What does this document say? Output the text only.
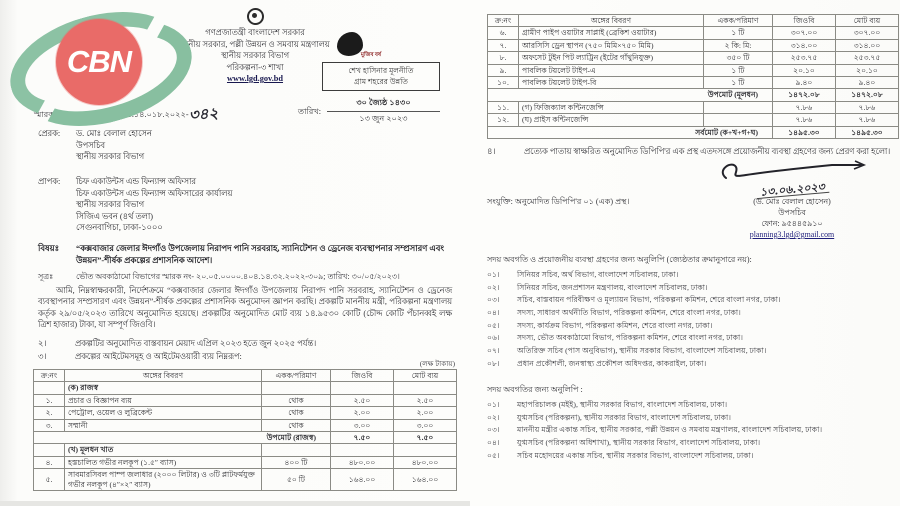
গণপ্রজাতন্ত্রী বাংলাদেশ সরকার
স্থানীয় সরকার, পল্লী উন্নয়ন ও সমবায় মন্ত্রণালয়
স্থানীয় সরকার বিভাগ
পরিকল্পনা-৩ শাখা
www.lgd.gov.bd
স্মারক নং-৪৬.০০.০০০০.০৯৫.১৪.০১৮.২০২২-৩৪২
মুজিব বর্ষ
শেখ হাসিনার মূলনীতি
গ্রাম শহরের উন্নতি
তারিখ:
৩০ জ্যৈষ্ঠ ১৪৩০
১৩ জুন ২০২৩
প্রেরক:	ড. মোঃ বেলাল হোসেন
উপসচিব
স্থানীয় সরকার বিভাগ
প্রাপক:	চিফ একাউন্টস এন্ড ফিন্যান্স অফিসার
চিফ একাউন্টস এন্ড ফিন্যান্স অফিসারের কার্যালয়
স্থানীয় সরকার বিভাগ
সিজিএ ভবন (৪র্থ তলা)
সেগুনবাগিচা, ঢাকা-১০০০
বিষয়ঃ	“কক্সবাজার জেলার ঈদগাঁও উপজেলায় নিরাপদ পানি সরবরাহ, স্যানিটেশন ও ড্রেনেজ ব্যবস্থাপনার সম্প্রসারণ এবং উন্নয়ন”-শীর্ষক প্রকল্পের প্রশাসনিক আদেশ।
সূত্রঃ	ভৌত অবকাঠামো বিভাগের স্মারক নং- ২০.০৫.০০০০.৪০৪.১৪.৩২.২০২২-৩০৯; তারিখ: ৩০/০৫/২০২৩।
আমি, নিম্নস্বাক্ষরকারী, নির্দেশক্রমে “কক্সবাজার জেলার ঈদগাঁও উপজেলায় নিরাপদ পানি সরবরাহ, স্যানিটেশন ও ড্রেনেজ ব্যবস্থাপনার সম্প্রসারণ এবং উন্নয়ন”-শীর্ষক প্রকল্পের প্রশাসনিক অনুমোদন জ্ঞাপন করছি। প্রকল্পটি মাননীয় মন্ত্রী, পরিকল্পনা মন্ত্রণালয় কর্তৃক ২৯/০৫/২০২৩ তারিখে অনুমোদিত হয়েছে। প্রকল্পটির অনুমোদিত মোট ব্যয় ১৪.৯৫৩০ কোটি (চৌদ্দ কোটি পঁচানব্বই লক্ষ ত্রিশ হাজার) টাকা, যা সম্পূর্ণ জিওবি।
২।	প্রকল্পটির অনুমোদিত বাস্তবায়ন মেয়াদ এপ্রিল ২০২৩ হতে জুন ২০২৫ পর্যন্ত।
৩।	প্রকল্পের আইটেমসমূহ ও আইটেমওয়ারী ব্যয় নিম্নরূপ:
(লক্ষ টাকায়)
ক্র:নং	অঙ্গের বিবরণ	একক/পরিমাণ	জিওবি	মোট ব্যয়
	(ক) রাজস্ব			
১.	প্রচার ও বিজ্ঞাপন ব্যয়	থোক	২.৫০	২.৫০
২.	পেট্রোল, ওয়েল ও লুব্রিকেন্ট	থোক	২.০০	২.০০
৩.	সম্মানী	থোক	৩.০০	৩.০০
উপমোট (রাজস্ব)			৭.৫০	৭.৫০
	(খ) মূলধন খাত			
৪.	হস্তচালিত গভীর নলকূপ (১.৫″ ব্যাস)	৪০০ টি	৪৮০.০০	৪৮০.০০
৫.	সাবমারসিবল পাম্প জলাধার (২০০০ লিটার) ও ৩টি প্লাটফর্মযুক্ত গভীর নলকূপ (৪″×২″ ব্যাস)	৫০ টি	১৬৪.০০	১৬৪.০০
ক্র:নং	অঙ্গের বিবরণ	একক/পরিমাণ	জিওবি	মোট ব্যয়
৬.	গ্রামীণ পাইপ ওয়াটার সাপ্লাই (ব্রেকিশ ওয়াটার)	১ টি	৩০৭.০০	৩০৭.০০
৭.	আরসিসি ড্রেন স্থাপন (৭৫০ মিমি×৭৫০ মিমি)	২ কি: মি:	৩১৪.০০	৩১৪.০০
৮.	অফসেট টুইন পিট ল্যাট্রিন (ইটের গাঁথুনিযুক্ত)	৩৫০ টি	২৫৩.৭৫	২৫৩.৭৫
৯.	পাবলিক টয়লেট টাইপ-এ	১ টি	২০.১০	২০.১০
১০.	পাবলিক টয়লেট টাইপ-বি	১ টি	৯.৪০	৯.৪০
উপমোট (মূলধন)			১৪৭২.০৮	১৪৭২.০৮
১১.	(গ) ফিজিক্যাল কন্টিনজেন্সি		৭.৮৬	৭.৮৬
১২.	(ঘ) প্রাইস কন্টিনজেন্সি		৭.৮৬	৭.৮৬
সর্বমোট (ক+খ+গ+ঘ)			১৪৯৫.৩০	১৪৯৫.৩০
৪।	প্রত্যেক পাতায় স্বাক্ষরিত অনুমোদিত ডিপিপি'র এক প্রস্থ এতদসঙ্গে প্রয়োজনীয় ব্যবস্থা গ্রহণের জন্য প্রেরণ করা হলো।
সংযুক্তি: অনুমোদিত ডিপিপি'র ০১ (এক) প্রস্থ।
১৩.০৬.২০২৩
(ড. মোঃ বেলাল হোসেন)
উপসচিব
ফোন: ৯৫৪৪৫৯১০
planning3.lgd@gmail.com
সদয় অবগতি ও প্রয়োজনীয় ব্যবস্থা গ্রহণের জন্য অনুলিপি (জ্যেষ্ঠতার ক্রমানুসারে নয়):
০১।	সিনিয়র সচিব, অর্থ বিভাগ, বাংলাদেশ সচিবালয়, ঢাকা।
০২।	সিনিয়র সচিব, জনপ্রশাসন মন্ত্রণালয়, বাংলাদেশ সচিবালয়, ঢাকা।
০৩।	সচিব, বাস্তবায়ন পরিবীক্ষণ ও মূল্যায়ন বিভাগ, পরিকল্পনা কমিশন, শেরে বাংলা নগর, ঢাকা।
০৪।	সদস্য, সাধারণ অর্থনীতি বিভাগ, পরিকল্পনা কমিশন, শেরে বাংলা নগর, ঢাকা।
০৫।	সদস্য, কার্যক্রম বিভাগ, পরিকল্পনা কমিশন, শেরে বাংলা নগর, ঢাকা।
০৬।	সদস্য, ভৌত অবকাঠামো বিভাগ, পরিকল্পনা কমিশন, শেরে বাংলা নগর, ঢাকা।
০৭।	অতিরিক্ত সচিব (পাস অনুবিভাগ), স্থানীয় সরকার বিভাগ, বাংলাদেশ সচিবালয়, ঢাকা।
০৮।	প্রধান প্রকৌশলী, জনস্বাস্থ্য প্রকৌশল অধিদপ্তর, কাকরাইল, ঢাকা।
সদয় অবগতির জন্য অনুলিপি :
০১।	মহাপরিচালক (মইই), স্থানীয় সরকার বিভাগ, বাংলাদেশ সচিবালয়, ঢাকা।
০২।	যুগ্মসচিব (পরিকল্পনা), স্থানীয় সরকার বিভাগ, বাংলাদেশ সচিবালয়, ঢাকা।
০৩।	মাননীয় মন্ত্রীর একান্ত সচিব, স্থানীয় সরকার, পল্লী উন্নয়ন ও সমবায় মন্ত্রণালয়, বাংলাদেশ সচিবালয়, ঢাকা।
০৪।	যুগ্মসচিব (পরিকল্পনা অধিশাখা), স্থানীয় সরকার বিভাগ, বাংলাদেশ সচিবালয়, ঢাকা।
০৫।	সচিব মহোদয়ের একান্ত সচিব, স্থানীয় সরকার বিভাগ, বাংলাদেশ সচিবালয়, ঢাকা।
CBN
